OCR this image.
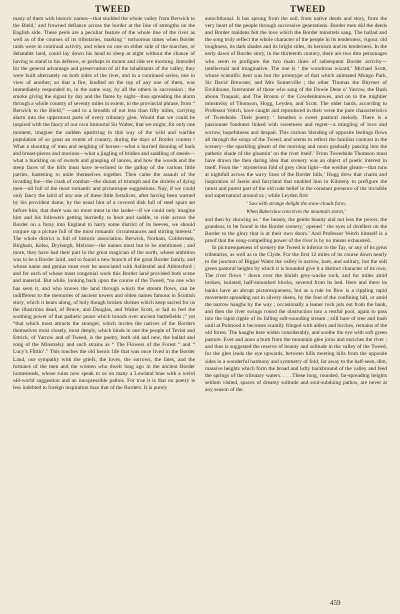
TWEED	TWEED

many of them with historic names—that studded the whole valley from Berwick to the Bield,’ and frowned defiance across the border at the line of strengths on the English side. These peels are a peculiar feature of the whole line of the river as well as of the courses of its tributaries, marking ‘ torluorous times when Border raids were in continual activity, and when no one on either side of the marches, or debatable land, could lay down his head to sleep at night without the chance of having to stand to his defence, or perhaps to mount and ride ere morning. Intended for the general advantage and preservation of all the inhabitants of the valley, they were built alternately on both sides of the river, and in a continued series, one in view of another; so that a fire, kindled on the top of any one of them, was immediately responded to, in the same way, by all the others in succession ; the smoke giving the signal by day and the flame by night—thus spreading the alarm through a whole country of seventy miles in extent, to the provincial phrase, from “ Berwick to the Bield,” —and to a breadth of not less than fifty miles, carrying alarm into the uppermost parts of every tributary glen. Would that we could be inspired with the fancy of our own immortal Sir Walter, that we might, for only one moment, imagine the sudden upstirring in this way of the wild and warlike population of so great an extent of country, during the days of Border contest ! What a shouting of men and neighing of horses—what a hurried donning of back and breast-pieces and morions—what a jingling of bridles and saddling of steeds—what a buckling on of swords and grasping of lances, and how the woods and the steep faces of the hills must have re-echoed to the gallop of the various little parties, hastening to unite themselves together. Then came the assault of the invading foe—the crash of combat—the shouts of triumph and the shrieks of dying men—all full of the most romantic and picturesque suggestions. Nay, if we could only fancy the laird of any one of these little fortalices, after having been warned by his provident dame, by the usual hint of a covered dish full of steel spurs set before him, that there was no more meat in the larder—if we could only imagine him and his followers getting hurriedly to boot and saddle, to ride across the Border on a foray into England to harry some district of its beeves, we should conjure up a picture full of the most romantic circumstances and stirring interest.” The whole district is full of historic association. Berwick, Norham, Coldstream, Birgham, Kelso, Dryburgh, Melrose—the names must but to be mentioned ; and more, they have had their part in the great magician of the north, whose ambition was to be a Border laird, and to found a new branch of the great Border family, and whose name and genius must ever be associated with Ashiestiel and Abbotsford ; and for each of whose most congenial work this Border land provided both scene and material. But while, looking back upon the course of the Tweed, “no one who has seen it, and who knows the land through which the stream flows, can be indifferent to the memories of ancient towers and olden names famous in Scottish story, which it bears along, of holy though broken shrines which keep sacred for us the illustrious dead, of Bruce, and Douglas, and Walter Scott, or fail to feel the soothing power of that pathetic peace which broods over ancient battlefields ;” yet “that which most attracts the stranger, which invites the natives of the Borders themselves most closely, most deeply, which binds in one the people of Teviot and Ettrick, of Yarrow and of Tweed, is the poetry, both old and new, the ballad and song of the Minstrelsy and such strains as “ The Flowers of the Forest ” and “ Lucy’s Flittin’.” This touches the old heroic life that was once lived in the Border Land, our sympathy with the griefs, the loves, the sorrows, the fates, and the fortunes of the men and the women who dwelt long ago in the ancient Border homesteads, whose ruins now speak to us on many a Lowland brae with a weird old-world suggestion and an inexpressible pathos. For true it is that no poetry is less indebted to foreign inspiration than that of the Borders. It is purely

autochthonal. It has sprung from the soil, from native deeds and story, from the very heart of the people through successive generations. Border men did the deeds and Border maidens felt the love which the Border minstrels sang. The ballad and the song truly reflect the whole character of the people in its tenderness, vigour, old toughness, its dark shades and its bright sides, its heroism and its tenderness. In the early dawn of Border story, in the thirteenth century, there are two dim personages who seem to prefigure the two main lines of subsequent Border activity—intellectual and imaginative. The one is ‘ the wondrous wizard,’ Michael Scott, whose scientific bent was but the prototype of that which animated Mungo Park, Sir David Brewster, and Mrs Somerville ; the other Thomas the Rhymer of Ercildoune, forerunner of those who sang of the Dowie Dens o’ Yarrow, the Bush aboon Traquair, and The Broom o’ the Cowdenknowes, and on to the mightier minstrelsy of Thomson, Hogg, Leyden, and Scott. The older bards, according to Professor Veitch, have caught and reproduced in their verse the pure characteristics of Tweedside. Their poetry ‘ breathes a sweet pastoral melody. There is a passionate fondness linked with sweetness and regret—a mingling of love and sorrow, hopefulness and despair. This curious blending of opposite feelings flows all through the songs of the Tweed, and seems to reflect the familiar contrast in the scenery—the sparkling gleam of the morning and noon gradually passing into the pathetic shade of the gloamin’ on the river itself.’ From Tweedside Thomson must have drawn the then daring idea that scenery was an object of poetic interest in itself. From the ‘ mysterious fold of grey clear light—the weither gleam—that runs at nightfall across the wavy lines of the Border hills,’ Hogg drew that charm and inspiration of faerie and fairyland that enabled him in Kilmeny to prefigure the rarest and purest part of the old rude belief in the constant presence of the invisible and supernatural around us ; while Leyden first

‘ Saw with strange delight the snow-clouds form,
When Ruberslaw conceives the mountain storm,’

and then by showing us ‘ the beauty, the gentle beauty and not less the power, the grandeur, to be found in the Border scenery,’ opened ‘ the eyes of dwellers on the Border to the glory that is at their own doors.’ And Professor Veitch himself is a proof that the song-compelling power of the river is by no means exhausted.

In picturesqueness of scenery the Tweed is inferior to the Tay, or any of its great tributaries, as well as to the Clyde. For the first 12 miles of its course down nearly to the junction of Biggar Water the valley is narrow, bare, and solitary, but the soft green pastoral heights by which it is bounded give it a distinct character of its own. The river flows ‘ down over the bluish grey-wacke rock, and for miles amid broken, isolated, half-smoothed blocks, severed from its bed. Here and there its banks have an abrupt picturesqueness, but as a rule its flow is a rippling rapid movement spreading out in silvery sheen, by the foot of the confining hill, or amid the narrow haughs by the way ; occasionally a leaner rock juts out from the bank, and then the river swings round the obstruction into a restful pool, again to pass into the rapid ripple of its falling soft-sounding stream ; still bare of tree and bush until at Polmood it becomes scantily fringed with alders and birches, remains of the old forest. The haughs here widen considerably, and soothe the eye with soft green pasture. Ever and anon a burn from the mountain glen joins and enriches the river ; and thus is suggested the reserve of beauty and solitude in the valley of the Tweed, for the glen leads the eye upwards, between hills meeting hills from the opposite sides in a wonderful harmony and symmetry of fold, far away to the half-seen, dim, massive heights which form the broad and lofty backbround of the valley and feed the springs of the tributary waters. . . . These long, rounded, far-spreading heights seldom visited, spaces of dreamy solitude and soul-subduing pathos, are never at any season of the

459
